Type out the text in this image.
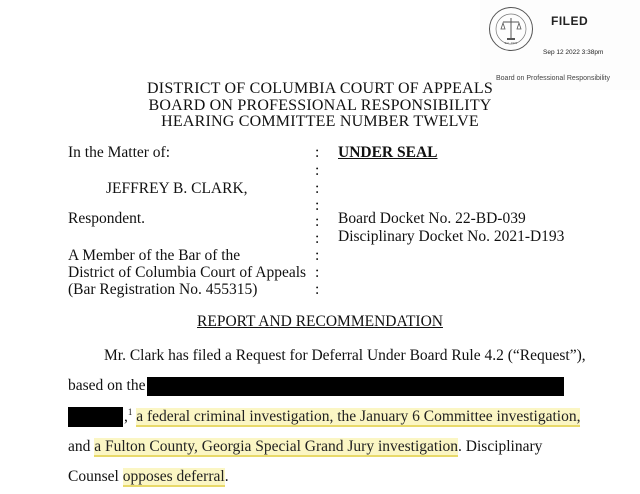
Est. 1972
FILED
Sep 12 2022 3:38pm
Board on Professional Responsibility
DISTRICT OF COLUMBIA COURT OF APPEALS
BOARD ON PROFESSIONAL RESPONSIBILITY
HEARING COMMITTEE NUMBER TWELVE
In the Matter of:
JEFFREY B. CLARK,
Respondent.
A Member of the Bar of the
District of Columbia Court of Appeals
(Bar Registration No. 455315)
:
:
:
:
:
:
:
:
:
UNDER SEAL
Board Docket No. 22-BD-039
Disciplinary Docket No. 2021-D193
REPORT AND RECOMMENDATION
Mr. Clark has filed a Request for Deferral Under Board Rule 4.2 (“Request”),
based on the
,$^1$ a federal criminal investigation, the January 6 Committee investigation,
and a Fulton County, Georgia Special Grand Jury investigation. Disciplinary
Counsel opposes deferral.
